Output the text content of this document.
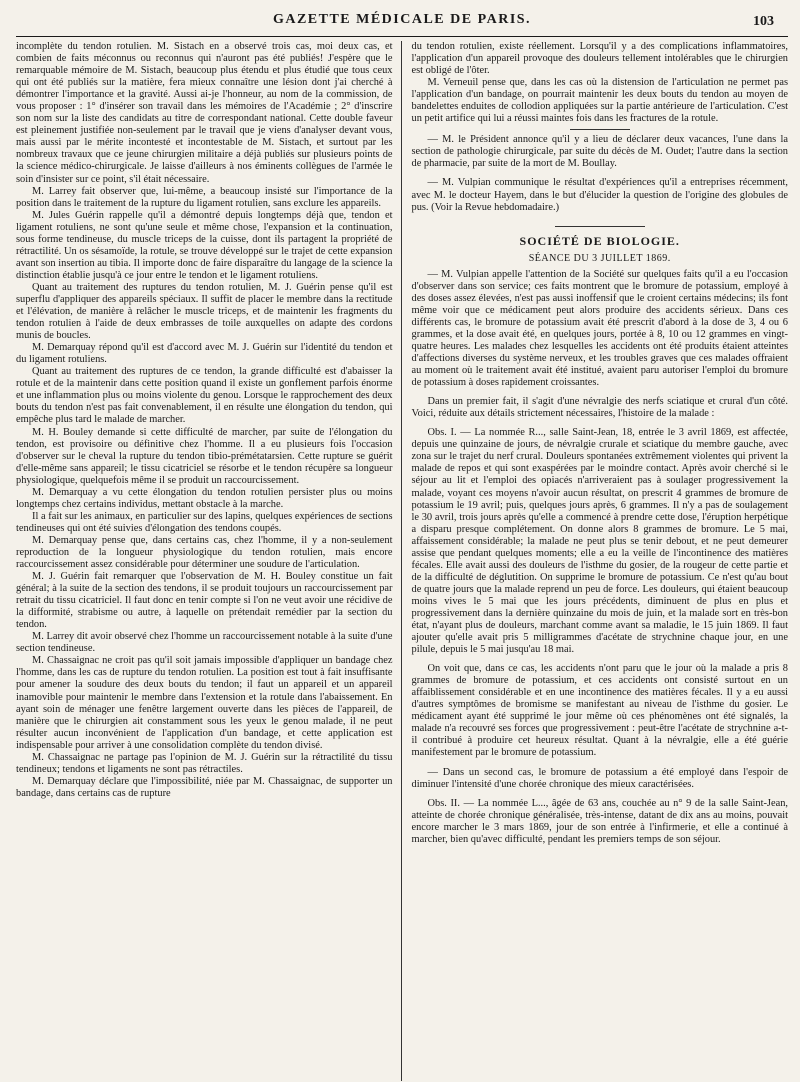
GAZETTE MÉDICALE DE PARIS.	103

incomplète du tendon rotulien. M. Sistach en a observé trois cas, moi deux cas, et combien de faits méconnus ou reconnus qui n'auront pas été publiés! J'espère que le remarquable mémoire de M. Sistach, beaucoup plus étendu et plus étudié que tous ceux qui ont été publiés sur la matière, fera mieux connaître une lésion dont j'ai cherché à démontrer l'importance et la gravité. Aussi ai-je l'honneur, au nom de la commission, de vous proposer : 1° d'insérer son travail dans les mémoires de l'Académie ; 2° d'inscrire son nom sur la liste des candidats au titre de correspondant national. Cette double faveur est pleinement justifiée non-seulement par le travail que je viens d'analyser devant vous, mais aussi par le mérite incontesté et incontestable de M. Sistach, et surtout par les nombreux travaux que ce jeune chirurgien militaire a déjà publiés sur plusieurs points de la science médico-chirurgicale. Je laisse d'ailleurs à nos éminents collègues de l'armée le soin d'insister sur ce point, s'il était nécessaire.

M. Larrey fait observer que, lui-même, a beaucoup insisté sur l'importance de la position dans le traitement de la rupture du ligament rotulien, sans exclure les appareils.

M. Jules Guérin rappelle qu'il a démontré depuis longtemps déjà que, tendon et ligament rotuliens, ne sont qu'une seule et même chose, l'expansion et la continuation, sous forme tendineuse, du muscle triceps de la cuisse, dont ils partagent la propriété de rétractilité. Un os sésamoïde, la rotule, se trouve développé sur le trajet de cette expansion avant son insertion au tibia. Il importe donc de faire disparaître du langage de la science la distinction établie jusqu'à ce jour entre le tendon et le ligament rotuliens.

Quant au traitement des ruptures du tendon rotulien, M. J. Guérin pense qu'il est superflu d'appliquer des appareils spéciaux. Il suffit de placer le membre dans la rectitude et l'élévation, de manière à relâcher le muscle triceps, et de maintenir les fragments du tendon rotulien à l'aide de deux embrasses de toile auxquelles on adapte des cordons munis de boucles.

M. Demarquay répond qu'il est d'accord avec M. J. Guérin sur l'identité du tendon et du ligament rotuliens.

Quant au traitement des ruptures de ce tendon, la grande difficulté est d'abaisser la rotule et de la maintenir dans cette position quand il existe un gonflement parfois énorme et une inflammation plus ou moins violente du genou. Lorsque le rapprochement des deux bouts du tendon n'est pas fait convenablement, il en résulte une élongation du tendon, qui empêche plus tard le malade de marcher.

M. H. Bouley demande si cette difficulté de marcher, par suite de l'élongation du tendon, est provisoire ou définitive chez l'homme. Il a eu plusieurs fois l'occasion d'observer sur le cheval la rupture du tendon tibio-prémétatarsien. Cette rupture se guérit d'elle-même sans appareil; le tissu cicatriciel se résorbe et le tendon récupère sa longueur physiologique, quelquefois même il se produit un raccourcissement.

M. Demarquay a vu cette élongation du tendon rotulien persister plus ou moins longtemps chez certains individus, mettant obstacle à la marche.

Il a fait sur les animaux, en particulier sur des lapins, quelques expériences de sections tendineuses qui ont été suivies d'élongation des tendons coupés.

M. Demarquay pense que, dans certains cas, chez l'homme, il y a non-seulement reproduction de la longueur physiologique du tendon rotulien, mais encore raccourcissement assez considérable pour déterminer une soudure de l'articulation.

M. J. Guérin fait remarquer que l'observation de M. H. Bouley constitue un fait général; à la suite de la section des tendons, il se produit toujours un raccourcissement par retrait du tissu cicatriciel. Il faut donc en tenir compte si l'on ne veut avoir une récidive de la difformité, strabisme ou autre, à laquelle on prétendait remédier par la section du tendon.

M. Larrey dit avoir observé chez l'homme un raccourcissement notable à la suite d'une section tendineuse.

M. Chassaignac ne croit pas qu'il soit jamais impossible d'appliquer un bandage chez l'homme, dans les cas de rupture du tendon rotulien. La position est tout à fait insuffisante pour amener la soudure des deux bouts du tendon; il faut un appareil et un appareil inamovible pour maintenir le membre dans l'extension et la rotule dans l'abaissement. En ayant soin de ménager une fenêtre largement ouverte dans les pièces de l'appareil, de manière que le chirurgien ait constamment sous les yeux le genou malade, il ne peut résulter aucun inconvénient de l'application d'un bandage, et cette application est indispensable pour arriver à une consolidation complète du tendon divisé.

M. Chassaignac ne partage pas l'opinion de M. J. Guérin sur la rétractilité du tissu tendineux; tendons et ligaments ne sont pas rétractiles.

M. Demarquay déclare que l'impossibilité, niée par M. Chassaignac, de supporter un bandage, dans certains cas de rupture

du tendon rotulien, existe réellement. Lorsqu'il y a des complications inflammatoires, l'application d'un appareil provoque des douleurs tellement intolérables que le chirurgien est obligé de l'ôter.

M. Verneuil pense que, dans les cas où la distension de l'articulation ne permet pas l'application d'un bandage, on pourrait maintenir les deux bouts du tendon au moyen de bandelettes enduites de collodion appliquées sur la partie antérieure de l'articulation. C'est un petit artifice qui lui a réussi maintes fois dans les fractures de la rotule.

— M. le Président annonce qu'il y a lieu de déclarer deux vacances, l'une dans la section de pathologie chirurgicale, par suite du décès de M. Oudet; l'autre dans la section de pharmacie, par suite de la mort de M. Boullay.

— M. Vulpian communique le résultat d'expériences qu'il a entreprises récemment, avec M. le docteur Hayem, dans le but d'élucider la question de l'origine des globules de pus. (Voir la Revue hebdomadaire.)

SOCIÉTÉ DE BIOLOGIE.

SÉANCE DU 3 JUILLET 1869.

— M. Vulpian appelle l'attention de la Société sur quelques faits qu'il a eu l'occasion d'observer dans son service; ces faits montrent que le bromure de potassium, employé à des doses assez élevées, n'est pas aussi inoffensif que le croient certains médecins; ils font même voir que ce médicament peut alors produire des accidents sérieux. Dans ces différents cas, le bromure de potassium avait été prescrit d'abord à la dose de 3, 4 ou 6 grammes, et la dose avait été, en quelques jours, portée à 8, 10 ou 12 grammes en vingt-quatre heures. Les malades chez lesquelles les accidents ont été produits étaient atteintes d'affections diverses du système nerveux, et les troubles graves que ces malades offraient au moment où le traitement avait été institué, avaient paru autoriser l'emploi du bromure de potassium à doses rapidement croissantes.

Dans un premier fait, il s'agit d'une névralgie des nerfs sciatique et crural d'un côté. Voici, réduite aux détails strictement nécessaires, l'histoire de la malade :

Obs. I. — La nommée R..., salle Saint-Jean, 18, entrée le 3 avril 1869, est affectée, depuis une quinzaine de jours, de névralgie crurale et sciatique du membre gauche, avec zona sur le trajet du nerf crural. Douleurs spontanées extrêmement violentes qui privent la malade de repos et qui sont exaspérées par le moindre contact. Après avoir cherché si le séjour au lit et l'emploi des opiacés n'arriveraient pas à soulager progressivement la malade, voyant ces moyens n'avoir aucun résultat, on prescrit 4 grammes de bromure de potassium le 19 avril; puis, quelques jours après, 6 grammes. Il n'y a pas de soulagement le 30 avril, trois jours après qu'elle a commencé à prendre cette dose, l'éruption herpétique a disparu presque complétement. On donne alors 8 grammes de bromure. Le 5 mai, affaissement considérable; la malade ne peut plus se tenir debout, et ne peut demeurer assise que pendant quelques moments; elle a eu la veille de l'incontinence des matières fécales. Elle avait aussi des douleurs de l'isthme du gosier, de la rougeur de cette partie et de la difficulté de déglutition. On supprime le bromure de potassium. Ce n'est qu'au bout de quatre jours que la malade reprend un peu de force. Les douleurs, qui étaient beaucoup moins vives le 5 mai que les jours précédents, diminuent de plus en plus et progressivement dans la dernière quinzaine du mois de juin, et la malade sort en très-bon état, n'ayant plus de douleurs, marchant comme avant sa maladie, le 15 juin 1869. Il faut ajouter qu'elle avait pris 5 milligrammes d'acétate de strychnine chaque jour, en une pilule, depuis le 5 mai jusqu'au 18 mai.

On voit que, dans ce cas, les accidents n'ont paru que le jour où la malade a pris 8 grammes de bromure de potassium, et ces accidents ont consisté surtout en un affaiblissement considérable et en une incontinence des matières fécales. Il y a eu aussi d'autres symptômes de bromisme se manifestant au niveau de l'isthme du gosier. Le médicament ayant été supprimé le jour même où ces phénomènes ont été signalés, la malade n'a recouvré ses forces que progressivement : peut-être l'acétate de strychnine a-t-il contribué à produire cet heureux résultat. Quant à la névralgie, elle a été guérie manifestement par le bromure de potassium.

— Dans un second cas, le bromure de potassium a été employé dans l'espoir de diminuer l'intensité d'une chorée chronique des mieux caractérisées.

Obs. II. — La nommée L..., âgée de 63 ans, couchée au n° 9 de la salle Saint-Jean, atteinte de chorée chronique généralisée, très-intense, datant de dix ans au moins, pouvait encore marcher le 3 mars 1869, jour de son entrée à l'infirmerie, et elle a continué à marcher, bien qu'avec difficulté, pendant les premiers temps de son séjour.
